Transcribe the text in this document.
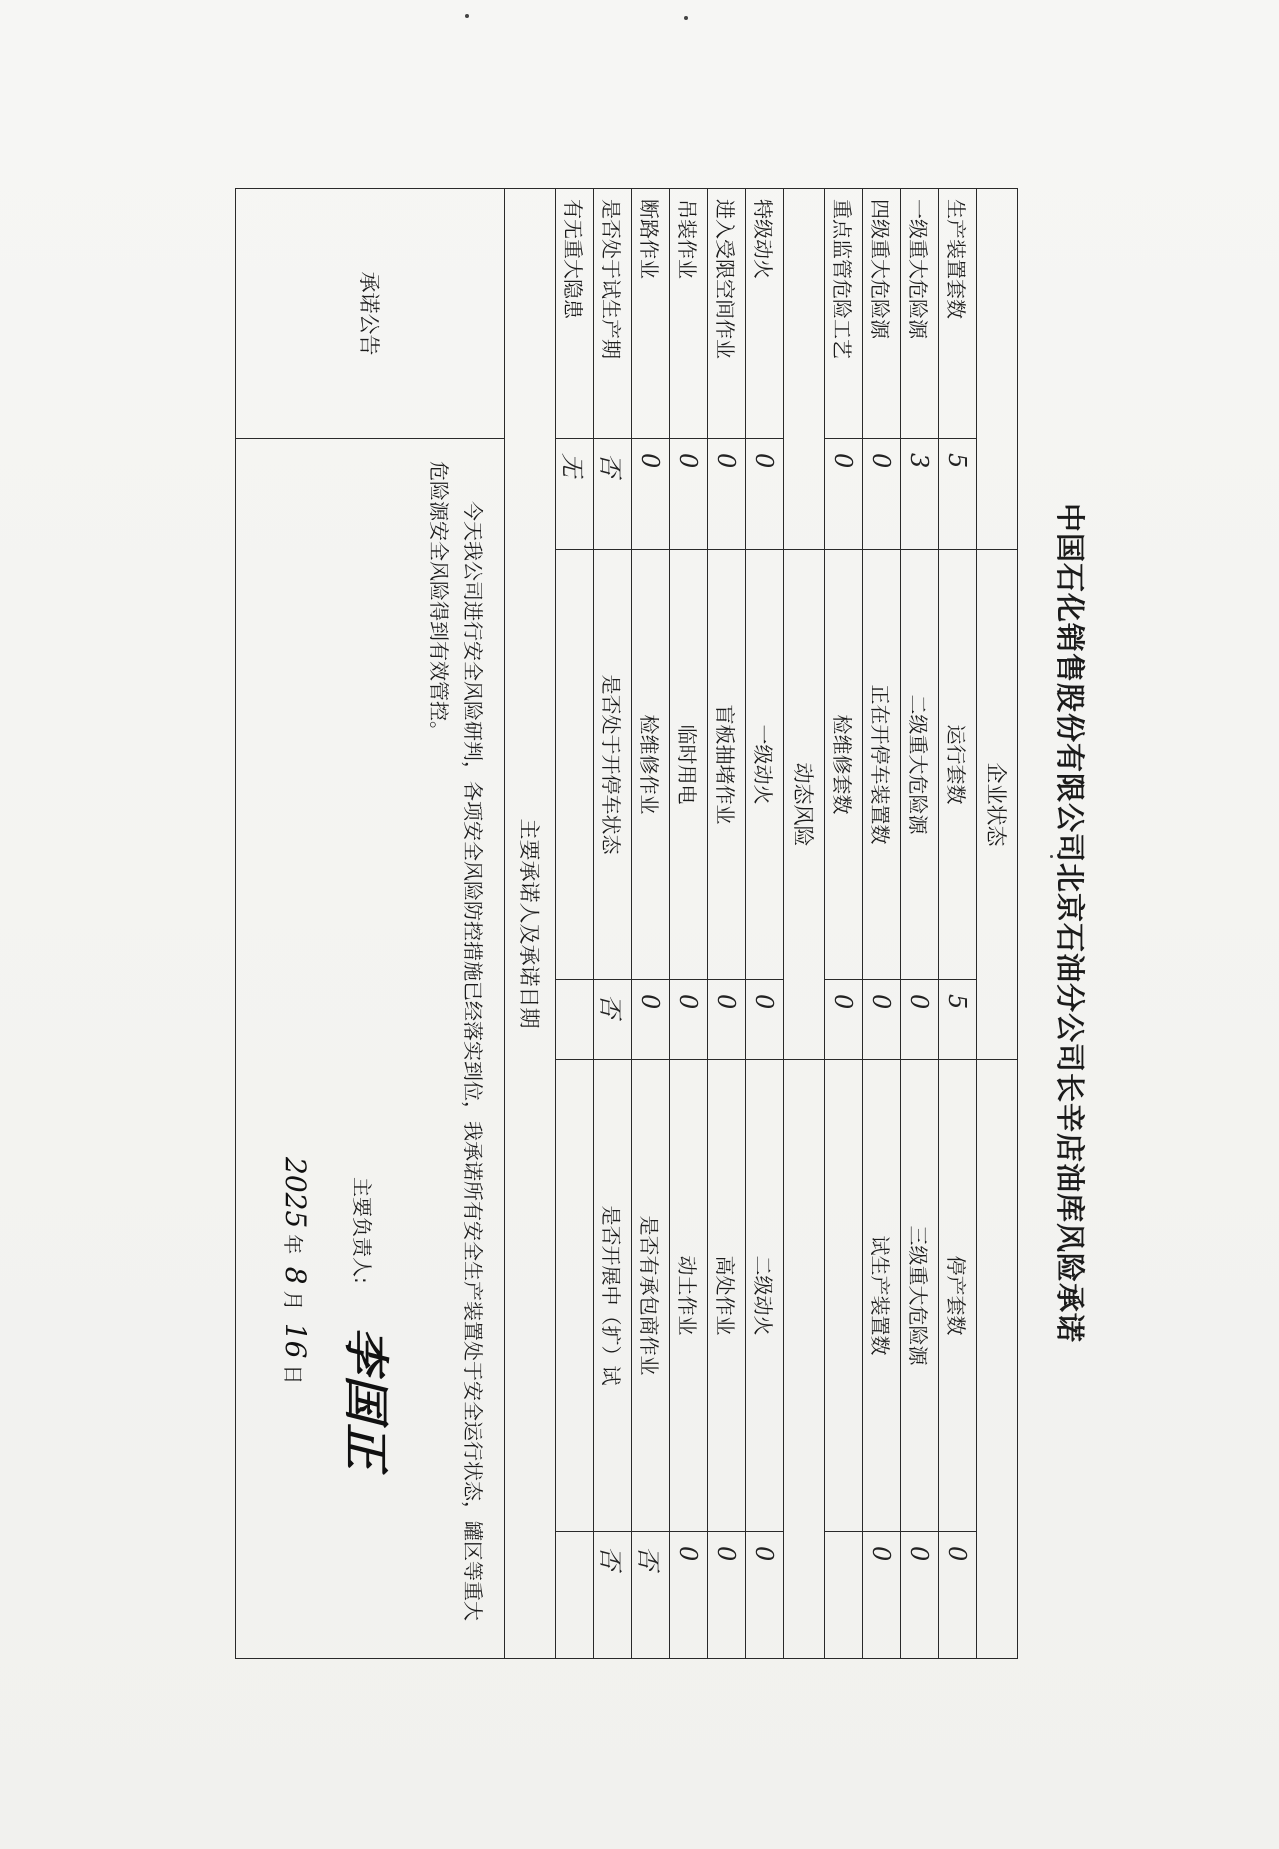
中国石化销售股份有限公司北京石油分公司长辛店油库风险承诺
		企业状态			
生产装置套数	5	运行套数	5	停产套数	0
一级重大危险源	3	二级重大危险源	0	三级重大危险源	0
四级重大危险源	0	正在开停车装置数	0	试生产装置数	0
重点监管危险工艺	0	检维修套数	0		
		动态风险			
特级动火	0	一级动火	0	二级动火	0
进入受限空间作业	0	盲板抽堵作业	0	高处作业	0
吊装作业	0	临时用电	0	动土作业	0
断路作业	0	检维修作业	0	是否有承包商作业	否
是否处于试生产期	否	是否处于开停车状态	否	是否开展中（扩）试	否
有无重大隐患	无				
主要承诺人及承诺日期					
承诺公告	今天我公司进行安全风险研判，各项安全风险防控措施已经落实到位，我承诺所有安全生产装置处于安全运行状态，罐区等重大危险源安全风险得到有效管控。

主要负责人:
李国正
2025年 8月 16日				
